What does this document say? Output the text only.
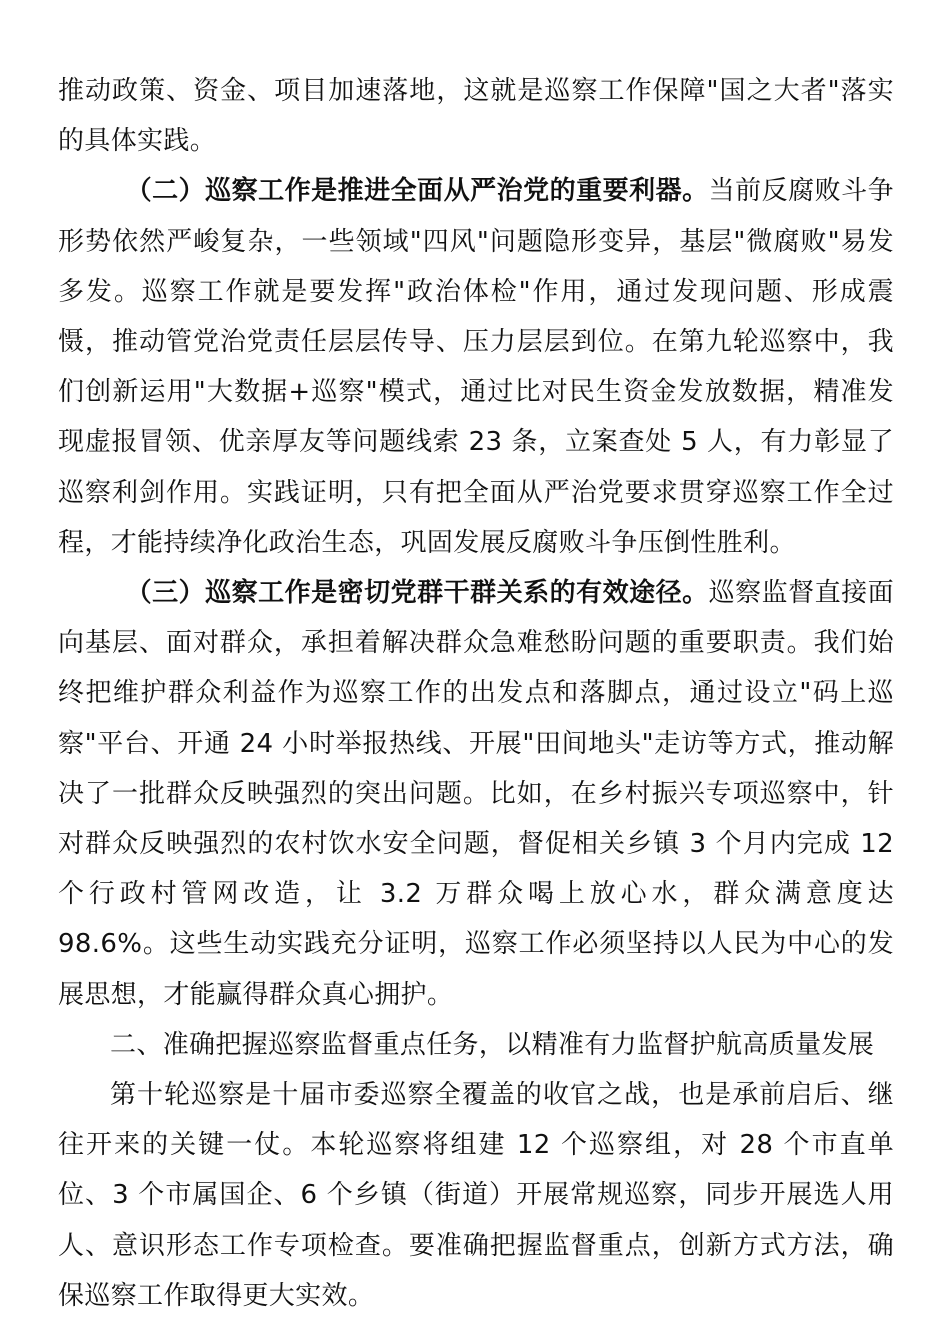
推动政策、资金、项目加速落地，这就是巡察工作保障"国之大者"落实的具体实践。

（二）巡察工作是推进全面从严治党的重要利器。当前反腐败斗争形势依然严峻复杂，一些领域"四风"问题隐形变异，基层"微腐败"易发多发。巡察工作就是要发挥"政治体检"作用，通过发现问题、形成震慑，推动管党治党责任层层传导、压力层层到位。在第九轮巡察中，我们创新运用"大数据+巡察"模式，通过比对民生资金发放数据，精准发现虚报冒领、优亲厚友等问题线索 23 条，立案查处 5 人，有力彰显了巡察利剑作用。实践证明，只有把全面从严治党要求贯穿巡察工作全过程，才能持续净化政治生态，巩固发展反腐败斗争压倒性胜利。

（三）巡察工作是密切党群干群关系的有效途径。巡察监督直接面向基层、面对群众，承担着解决群众急难愁盼问题的重要职责。我们始终把维护群众利益作为巡察工作的出发点和落脚点，通过设立"码上巡察"平台、开通 24 小时举报热线、开展"田间地头"走访等方式，推动解决了一批群众反映强烈的突出问题。比如，在乡村振兴专项巡察中，针对群众反映强烈的农村饮水安全问题，督促相关乡镇 3 个月内完成 12 个行政村管网改造，让 3.2 万群众喝上放心水，群众满意度达 98.6%。这些生动实践充分证明，巡察工作必须坚持以人民为中心的发展思想，才能赢得群众真心拥护。

二、准确把握巡察监督重点任务，以精准有力监督护航高质量发展

第十轮巡察是十届市委巡察全覆盖的收官之战，也是承前启后、继往开来的关键一仗。本轮巡察将组建 12 个巡察组，对 28 个市直单位、3 个市属国企、6 个乡镇（街道）开展常规巡察，同步开展选人用人、意识形态工作专项检查。要准确把握监督重点，创新方式方法，确保巡察工作取得更大实效。
